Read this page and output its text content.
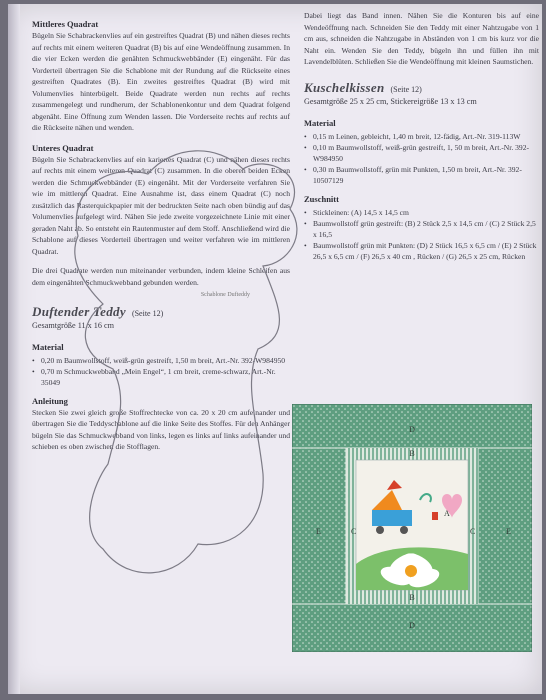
Mittleres Quadrat

Bügeln Sie Schabrackenvlies auf ein gestreiftes Quadrat (B) und nähen dieses rechts auf rechts mit einem weiteren Quadrat (B) bis auf eine Wendeöffnung zusammen. In die vier Ecken werden die genähten Schmuckwebbänder (E) eingenäht. Für das Vorderteil übertragen Sie die Schablone mit der Rundung auf die Rückseite eines gestreiften Quadrates (B). Ein zweites gestreiftes Quadrat (B) wird mit Volumenvlies hinterbügelt. Beide Quadrate werden nun rechts auf rechts zusammengelegt und rundherum, der Schablonenkontur und dem Quadrat folgend abgenäht. Eine Öffnung zum Wenden lassen. Die Vorderseite rechts auf rechts auf die Rückseite nähen und wenden.

Unteres Quadrat

Bügeln Sie Schabrackenvlies auf ein kariertes Quadrat (C) und nähen dieses rechts auf rechts mit einem weiteren Quadrat (C) zusammen. In die oberen beiden Ecken werden die Schmuckwebbänder (E) eingenäht. Mit der Vorderseite verfahren Sie wie im mittleren Quadrat. Eine Ausnahme ist, dass einem Quadrat (C) noch zusätzlich das Rasterquickpapier mit der bedruckten Seite nach oben bündig auf das Volumenvlies aufgelegt wird. Nähen Sie jede zweite vorgezeichnete Linie mit einer geraden Naht ab. So entsteht ein Rautenmuster auf dem Stoff. Anschließend wird die Schablone auf dieses Vorderteil übertragen und weiter verfahren wie im mittleren Quadrat.

Die drei Quadrate werden nun miteinander verbunden, indem kleine Schleifen aus dem eingenähten Schmuckwebband gebunden werden.

Schablone Dufteddy
Duftender Teddy (Seite 12)

Gesamtgröße 11 x 16 cm

Material

• 0,20 m Baumwollstoff, weiß-grün gestreift, 1,50 m breit, Art.-Nr. 392-W984950
• 0,70 m Schmuckwebband „Mein Engel“, 1 cm breit, creme-schwarz, Art.-Nr. 35049

Anleitung

Stecken Sie zwei gleich große Stoffrechtecke von ca. 20 x 20 cm aufeinander und übertragen Sie die Teddyschablone auf die linke Seite des Stoffes. Für den Anhänger bügeln Sie das Schmuckwebband von links, legen es links auf links aufeinander und schieben es oben zwischen die Stofflagen.

Dabei liegt das Band innen. Nähen Sie die Konturen bis auf eine Wendeöffnung nach. Schneiden Sie den Teddy mit einer Nahtzugabe von 1 cm aus, schneiden die Nahtzugabe in Abständen von 1 cm bis kurz vor die Naht ein. Wenden Sie den Teddy, bügeln ihn und füllen ihn mit Lavendelblüten. Schließen Sie die Wendeöffnung mit kleinen Saumstichen.

Kuschelkissen (Seite 12)

Gesamtgröße 25 x 25 cm, Stickereigröße 13 x 13 cm

Material

• 0,15 m Leinen, gebleicht, 1,40 m breit, 12-fädig, Art.-Nr. 319-113W
• 0,10 m Baumwollstoff, weiß-grün gestreift, 1, 50 m breit, Art.-Nr. 392-W984950
• 0,30 m Baumwollstoff, grün mit Punkten, 1,50 m breit, Art.-Nr. 392-10507129

Zuschnitt

• Stickleinen: (A) 14,5 x 14,5 cm
• Baumwollstoff grün gestreift: (B) 2 Stück 2,5 x 14,5 cm / (C) 2 Stück 2,5 x 16,5
• Baumwollstoff grün mit Punkten: (D) 2 Stück 16,5 x 6,5 cm / (E) 2 Stück 26,5 x 6,5 cm / (F) 26,5 x 40 cm , Rücken / (G) 26,5 x 25 cm, Rücken
D
B
A
C	C
E	E
B
D
